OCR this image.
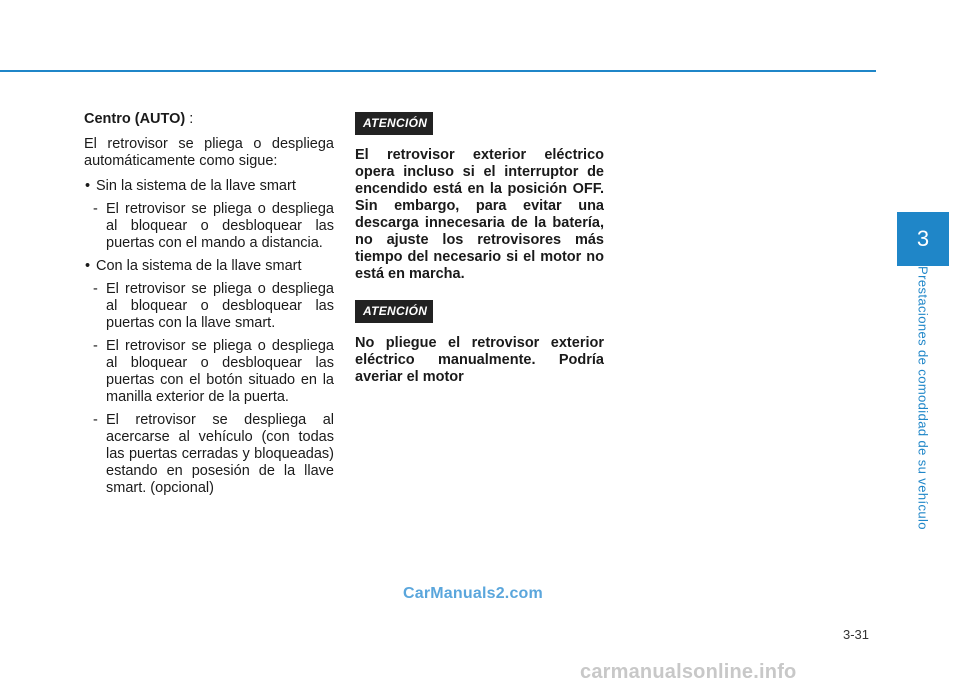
3
Prestaciones de comodidad de su vehículo

Centro (AUTO) :

El retrovisor se pliega o despliega automáticamente como sigue:

• Sin la sistema de la llave smart
- El retrovisor se pliega o despliega al bloquear o desbloquear las puertas con el mando a distancia.
• Con la sistema de la llave smart
- El retrovisor se pliega o despliega al bloquear o desbloquear las puertas con la llave smart.
- El retrovisor se pliega o despliega al bloquear o desbloquear las puertas con el botón situado en la manilla exterior de la puerta.
- El retrovisor se despliega al acercarse al vehículo (con todas las puertas cerradas y bloqueadas) estando en posesión de la llave smart. (opcional)
ATENCIÓN

El retrovisor exterior eléctrico opera incluso si el interruptor de encendido está en la posición OFF. Sin embargo, para evitar una descarga innecesaria de la batería, no ajuste los retrovisores más tiempo del necesario si el motor no está en marcha.

ATENCIÓN

No pliegue el retrovisor exterior eléctrico manualmente. Podría averiar el motor

CarManuals2.com
3-31
carmanualsonline.info
